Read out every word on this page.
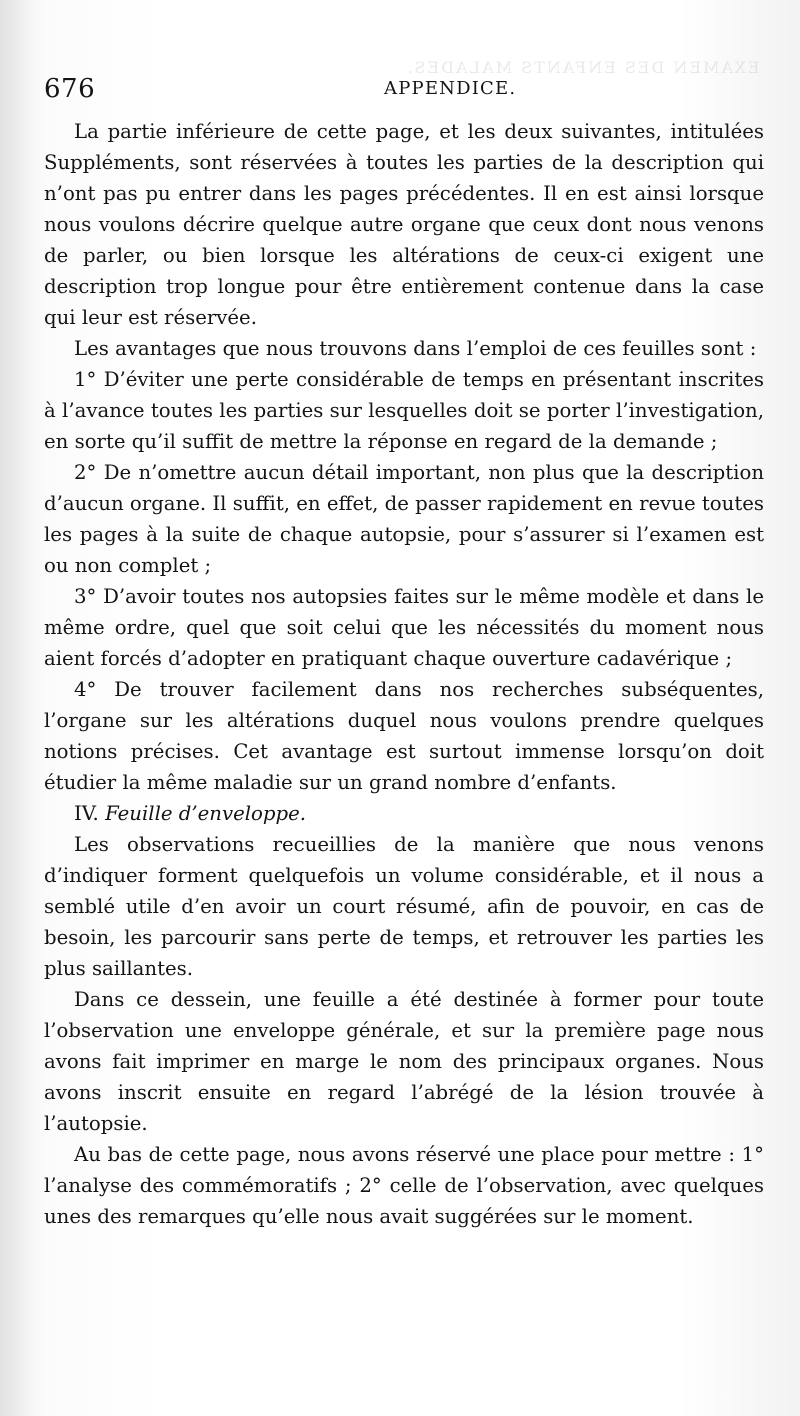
EXAMEN DES ENFANTS MALADES.
676	APPENDICE.

La partie inférieure de cette page, et les deux suivantes, intitulées Suppléments, sont réservées à toutes les parties de la description qui n’ont pas pu entrer dans les pages précédentes. Il en est ainsi lorsque nous voulons décrire quelque autre organe que ceux dont nous venons de parler, ou bien lorsque les altérations de ceux-ci exigent une description trop longue pour être entièrement contenue dans la case qui leur est réservée.

Les avantages que nous trouvons dans l’emploi de ces feuilles sont :

1° D’éviter une perte considérable de temps en présentant inscrites à l’avance toutes les parties sur lesquelles doit se porter l’investigation, en sorte qu’il suffit de mettre la réponse en regard de la demande ;

2° De n’omettre aucun détail important, non plus que la description d’aucun organe. Il suffit, en effet, de passer rapidement en revue toutes les pages à la suite de chaque autopsie, pour s’assurer si l’examen est ou non complet ;

3° D’avoir toutes nos autopsies faites sur le même modèle et dans le même ordre, quel que soit celui que les nécessités du moment nous aient forcés d’adopter en pratiquant chaque ouverture cadavérique ;

4° De trouver facilement dans nos recherches subséquentes, l’organe sur les altérations duquel nous voulons prendre quelques notions précises. Cet avantage est surtout immense lorsqu’on doit étudier la même maladie sur un grand nombre d’enfants.

IV. Feuille d’enveloppe.

Les observations recueillies de la manière que nous venons d’indiquer forment quelquefois un volume considérable, et il nous a semblé utile d’en avoir un court résumé, afin de pouvoir, en cas de besoin, les parcourir sans perte de temps, et retrouver les parties les plus saillantes.

Dans ce dessein, une feuille a été destinée à former pour toute l’observation une enveloppe générale, et sur la première page nous avons fait imprimer en marge le nom des principaux organes. Nous avons inscrit ensuite en regard l’abrégé de la lésion trouvée à l’autopsie.

Au bas de cette page, nous avons réservé une place pour mettre : 1° l’analyse des commémoratifs ; 2° celle de l’observation, avec quelques unes des remarques qu’elle nous avait suggérées sur le moment.
